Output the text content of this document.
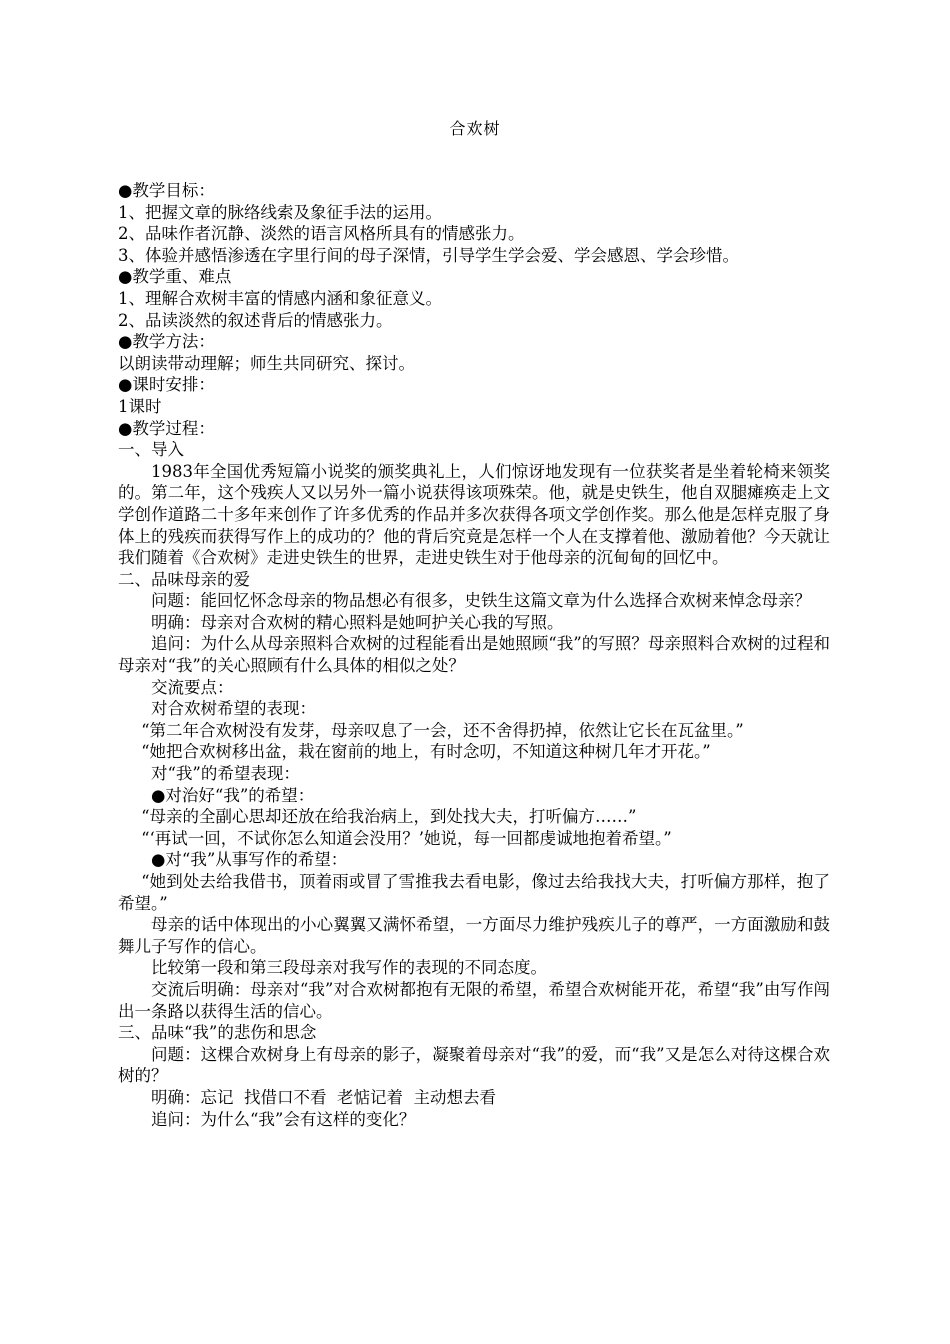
合欢树

●教学目标：

1、把握文章的脉络线索及象征手法的运用。

2、品味作者沉静、淡然的语言风格所具有的情感张力。

3、体验并感悟渗透在字里行间的母子深情，引导学生学会爱、学会感恩、学会珍惜。

●教学重、难点

1、理解合欢树丰富的情感内涵和象征意义。

2、品读淡然的叙述背后的情感张力。

●教学方法：

以朗读带动理解；师生共同研究、探讨。

●课时安排：

1课时

●教学过程：

一、导入

1983年全国优秀短篇小说奖的颁奖典礼上，人们惊讶地发现有一位获奖者是坐着轮椅来领奖的。第二年，这个残疾人又以另外一篇小说获得该项殊荣。他，就是史铁生，他自双腿瘫痪走上文学创作道路二十多年来创作了许多优秀的作品并多次获得各项文学创作奖。那么他是怎样克服了身体上的残疾而获得写作上的成功的？他的背后究竟是怎样一个人在支撑着他、激励着他？今天就让我们随着《合欢树》走进史铁生的世界，走进史铁生对于他母亲的沉甸甸的回忆中。

二、品味母亲的爱

问题：能回忆怀念母亲的物品想必有很多，史铁生这篇文章为什么选择合欢树来悼念母亲？

明确：母亲对合欢树的精心照料是她呵护关心我的写照。

追问：为什么从母亲照料合欢树的过程能看出是她照顾“我”的写照？母亲照料合欢树的过程和母亲对“我”的关心照顾有什么具体的相似之处？

交流要点：

对合欢树希望的表现：

“第二年合欢树没有发芽，母亲叹息了一会，还不舍得扔掉，依然让它长在瓦盆里。”

“她把合欢树移出盆，栽在窗前的地上，有时念叨，不知道这种树几年才开花。”

对“我”的希望表现：

●对治好“我”的希望：

“母亲的全副心思却还放在给我治病上，到处找大夫，打听偏方……”

“‘再试一回，不试你怎么知道会没用？’她说，每一回都虔诚地抱着希望。”

●对“我”从事写作的希望：

“她到处去给我借书，顶着雨或冒了雪推我去看电影，像过去给我找大夫，打听偏方那样，抱了希望。”

母亲的话中体现出的小心翼翼又满怀希望，一方面尽力维护残疾儿子的尊严，一方面激励和鼓舞儿子写作的信心。

比较第一段和第三段母亲对我写作的表现的不同态度。

交流后明确：母亲对“我”对合欢树都抱有无限的希望，希望合欢树能开花，希望“我”由写作闯出一条路以获得生活的信心。

三、品味“我”的悲伤和思念

问题：这棵合欢树身上有母亲的影子，凝聚着母亲对“我”的爱，而“我”又是怎么对待这棵合欢树的？

明确：忘记  找借口不看  老惦记着  主动想去看

追问：为什么“我”会有这样的变化？
